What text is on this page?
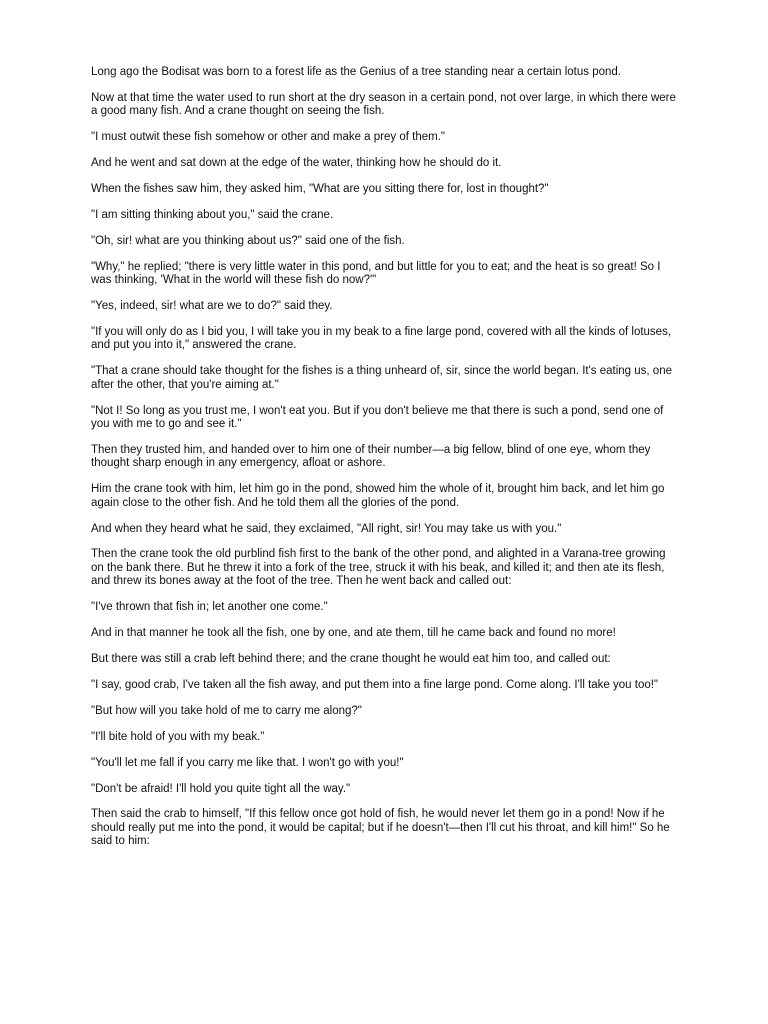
Long ago the Bodisat was born to a forest life as the Genius of a tree standing near a certain lotus pond.

Now at that time the water used to run short at the dry season in a certain pond, not over large, in which there were a good many fish. And a crane thought on seeing the fish.

"I must outwit these fish somehow or other and make a prey of them."

And he went and sat down at the edge of the water, thinking how he should do it.

When the fishes saw him, they asked him, "What are you sitting there for, lost in thought?"

"I am sitting thinking about you," said the crane.

"Oh, sir! what are you thinking about us?" said one of the fish.

"Why," he replied; "there is very little water in this pond, and but little for you to eat; and the heat is so great! So I was thinking, 'What in the world will these fish do now?'"

"Yes, indeed, sir! what are we to do?" said they.

"If you will only do as I bid you, I will take you in my beak to a fine large pond, covered with all the kinds of lotuses, and put you into it," answered the crane.

"That a crane should take thought for the fishes is a thing unheard of, sir, since the world began. It's eating us, one after the other, that you're aiming at."

"Not I! So long as you trust me, I won't eat you. But if you don't believe me that there is such a pond, send one of you with me to go and see it."

Then they trusted him, and handed over to him one of their number—a big fellow, blind of one eye, whom they thought sharp enough in any emergency, afloat or ashore.

Him the crane took with him, let him go in the pond, showed him the whole of it, brought him back, and let him go again close to the other fish. And he told them all the glories of the pond.

And when they heard what he said, they exclaimed, "All right, sir! You may take us with you."

Then the crane took the old purblind fish first to the bank of the other pond, and alighted in a Varana-tree growing on the bank there. But he threw it into a fork of the tree, struck it with his beak, and killed it; and then ate its flesh, and threw its bones away at the foot of the tree. Then he went back and called out:

"I've thrown that fish in; let another one come."

And in that manner he took all the fish, one by one, and ate them, till he came back and found no more!

But there was still a crab left behind there; and the crane thought he would eat him too, and called out:

"I say, good crab, I've taken all the fish away, and put them into a fine large pond. Come along. I'll take you too!"

"But how will you take hold of me to carry me along?"

"I'll bite hold of you with my beak."

"You'll let me fall if you carry me like that. I won't go with you!"

"Don't be afraid! I'll hold you quite tight all the way."

Then said the crab to himself, "If this fellow once got hold of fish, he would never let them go in a pond! Now if he should really put me into the pond, it would be capital; but if he doesn't—then I'll cut his throat, and kill him!" So he said to him:
